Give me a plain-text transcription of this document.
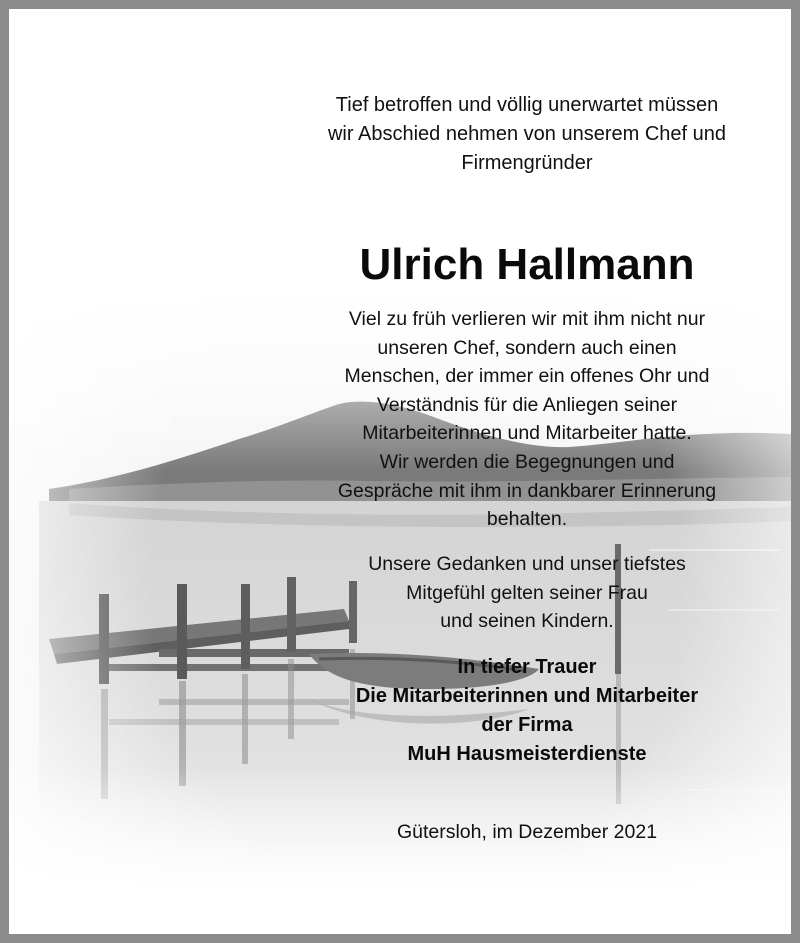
Tief betroffen und völlig unerwartet müssen
wir Abschied nehmen von unserem Chef und
Firmengründer
Ulrich Hallmann
Viel zu früh verlieren wir mit ihm nicht nur
unseren Chef, sondern auch einen
Menschen, der immer ein offenes Ohr und
Verständnis für die Anliegen seiner
Mitarbeiterinnen und Mitarbeiter hatte.
Wir werden die Begegnungen und
Gespräche mit ihm in dankbarer Erinnerung
behalten.
Unsere Gedanken und unser tiefstes
Mitgefühl gelten seiner Frau
und seinen Kindern.
In tiefer Trauer
Die Mitarbeiterinnen und Mitarbeiter
der Firma
MuH Hausmeisterdienste
Gütersloh, im Dezember 2021
